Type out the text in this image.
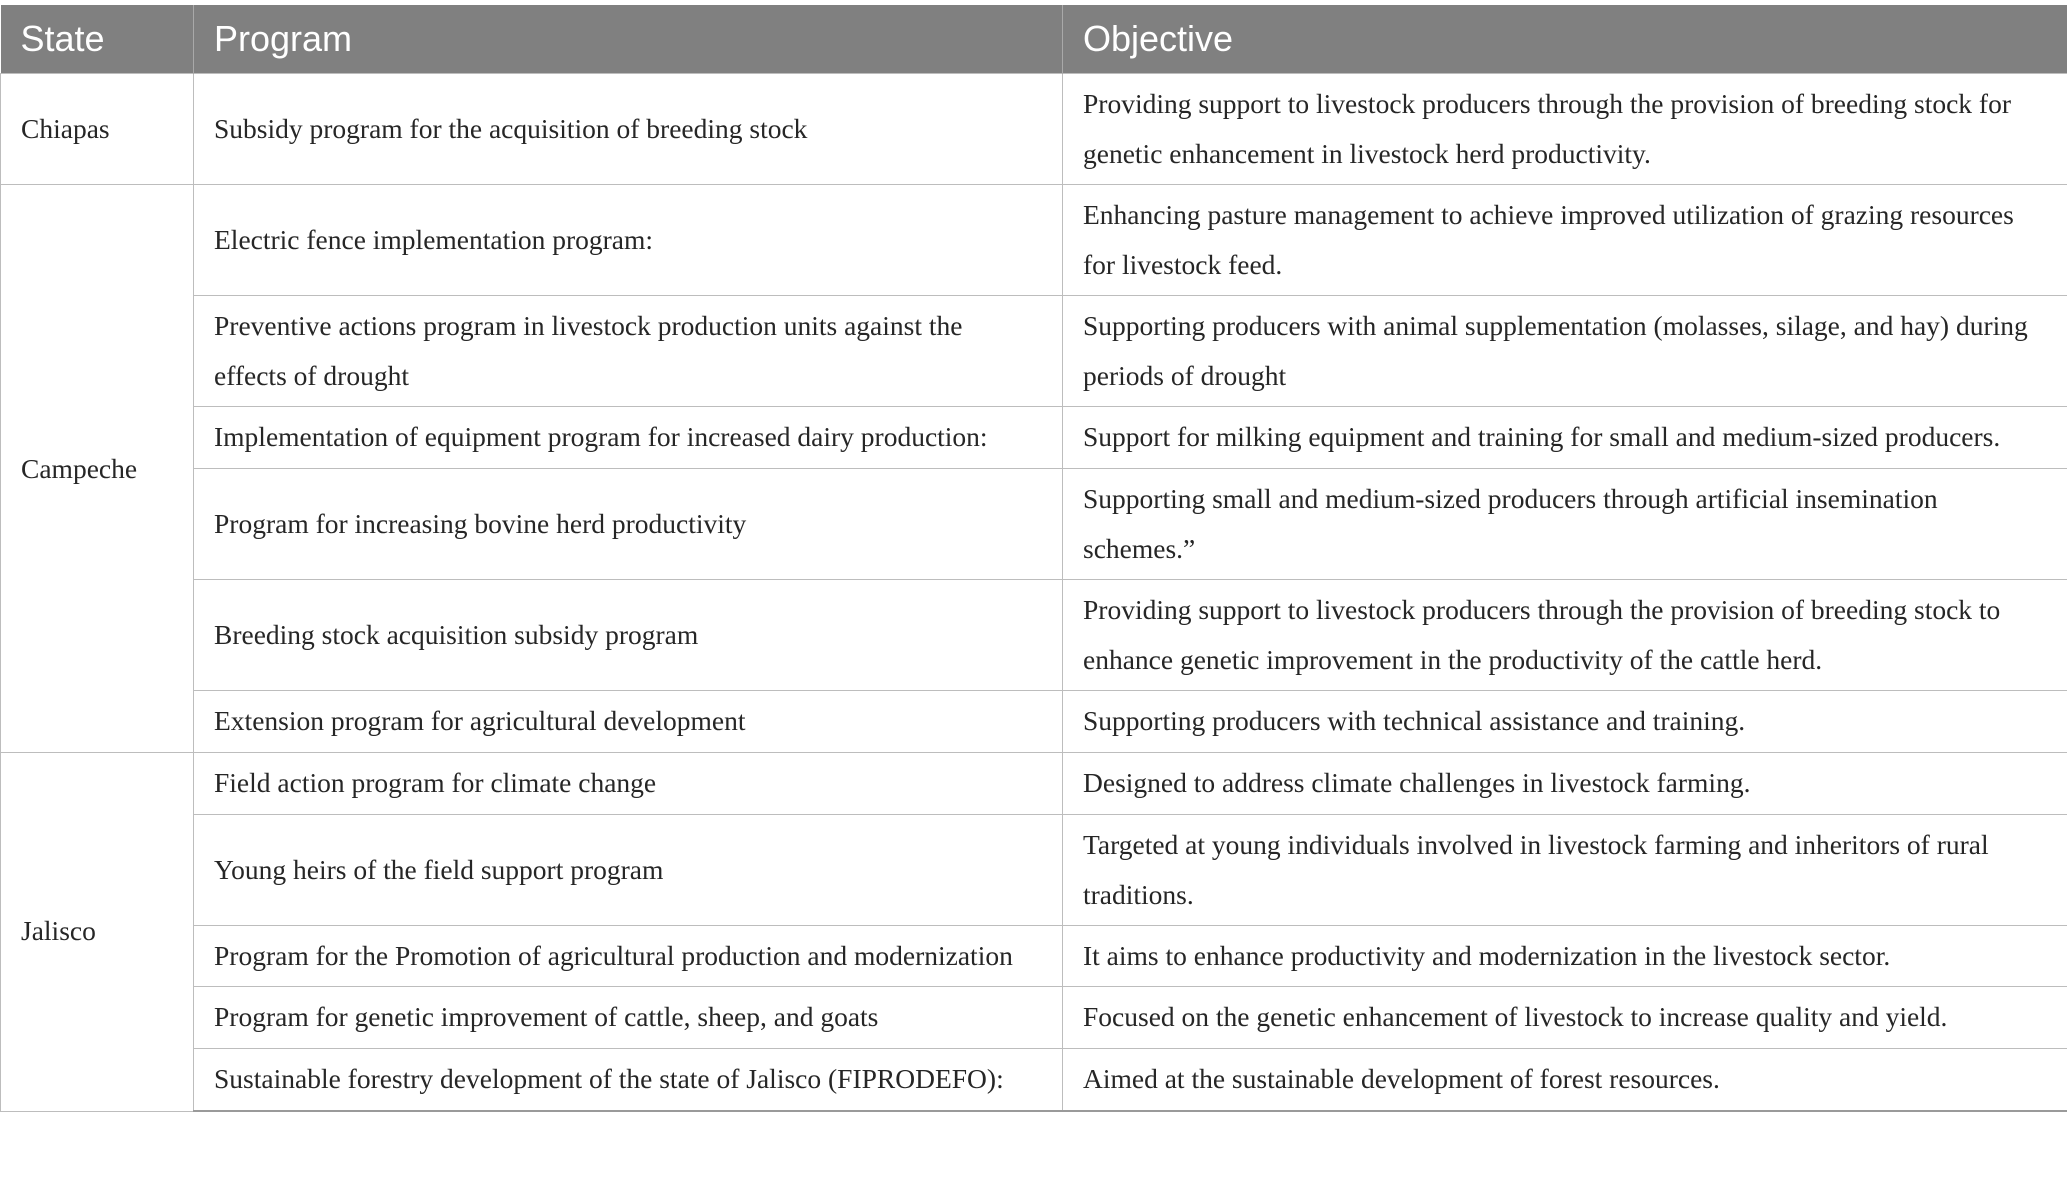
State	Program	Objective
Chiapas	Subsidy program for the acquisition of breeding stock	Providing support to livestock producers through the provision of breeding stock for genetic enhancement in livestock herd productivity.
Campeche	Electric fence implementation program:	Enhancing pasture management to achieve improved utilization of grazing resources for livestock feed.
	Preventive actions program in livestock production units against the effects of drought	Supporting producers with animal supplementation (molasses, silage, and hay) during periods of drought
	Implementation of equipment program for increased dairy production:	Support for milking equipment and training for small and medium-sized producers.
	Program for increasing bovine herd productivity	Supporting small and medium-sized producers through artificial insemination schemes.”
	Breeding stock acquisition subsidy program	Providing support to livestock producers through the provision of breeding stock to enhance genetic improvement in the productivity of the cattle herd.
	Extension program for agricultural development	Supporting producers with technical assistance and training.
Jalisco	Field action program for climate change	Designed to address climate challenges in livestock farming.
	Young heirs of the field support program	Targeted at young individuals involved in livestock farming and inheritors of rural traditions.
	Program for the Promotion of agricultural production and modernization	It aims to enhance productivity and modernization in the livestock sector.
	Program for genetic improvement of cattle, sheep, and goats	Focused on the genetic enhancement of livestock to increase quality and yield.
	Sustainable forestry development of the state of Jalisco (FIPRODEFO):	Aimed at the sustainable development of forest resources.
